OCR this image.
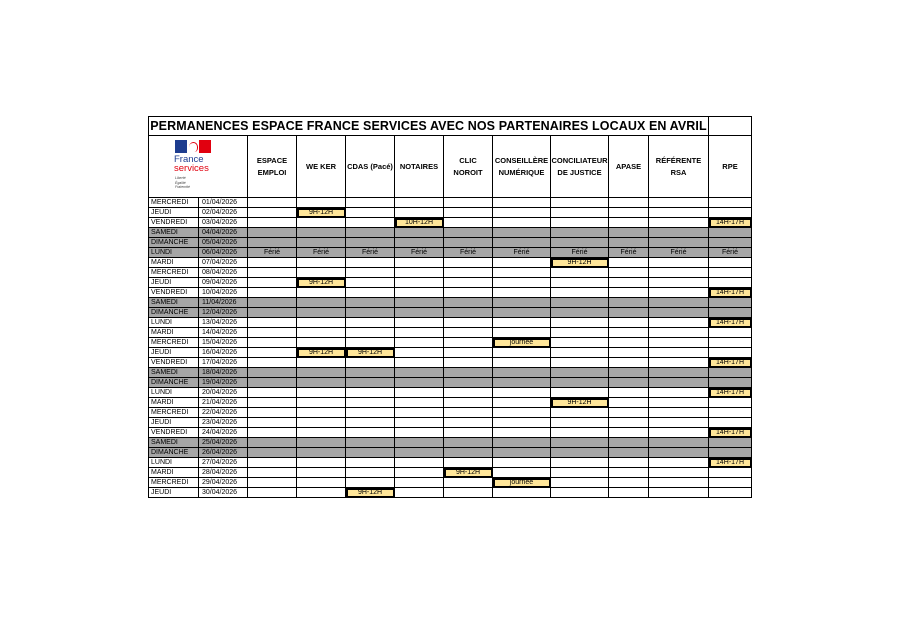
PERMANENCES ESPACE FRANCE SERVICES AVEC NOS PARTENAIRES LOCAUX EN AVRIL											

France
services
Liberté
Égalité
Fraternité		ESPACE EMPLOI	WE KER	CDAS (Pacé)	NOTAIRES	CLIC NOROIT	CONSEILLÈRE NUMÉRIQUE	CONCILIATEUR DE JUSTICE	APASE	RÉFÉRENTE RSA	RPE
MERCREDI	01/04/2026										
JEUDI	02/04/2026		9H-12H								
VENDREDI	03/04/2026				10H-12H						14H-17H
SAMEDI	04/04/2026										
DIMANCHE	05/04/2026										
LUNDI	06/04/2026	Férié	Férié	Férié	Férié	Férié	Férié	Férié	Férié	Férié	Férié
MARDI	07/04/2026							9H-12H			
MERCREDI	08/04/2026										
JEUDI	09/04/2026		9H-12H								
VENDREDI	10/04/2026										14H-17H
SAMEDI	11/04/2026										
DIMANCHE	12/04/2026										
LUNDI	13/04/2026										14H-17H
MARDI	14/04/2026										
MERCREDI	15/04/2026						journée				
JEUDI	16/04/2026		9H-12H	9H-12H							
VENDREDI	17/04/2026										14H-17H
SAMEDI	18/04/2026										
DIMANCHE	19/04/2026										
LUNDI	20/04/2026										14H-17H
MARDI	21/04/2026							9H-12H			
MERCREDI	22/04/2026										
JEUDI	23/04/2026										
VENDREDI	24/04/2026										14H-17H
SAMEDI	25/04/2026										
DIMANCHE	26/04/2026										
LUNDI	27/04/2026										14H-17H
MARDI	28/04/2026					9H-12H					
MERCREDI	29/04/2026						journée				
JEUDI	30/04/2026			9H-12H							
